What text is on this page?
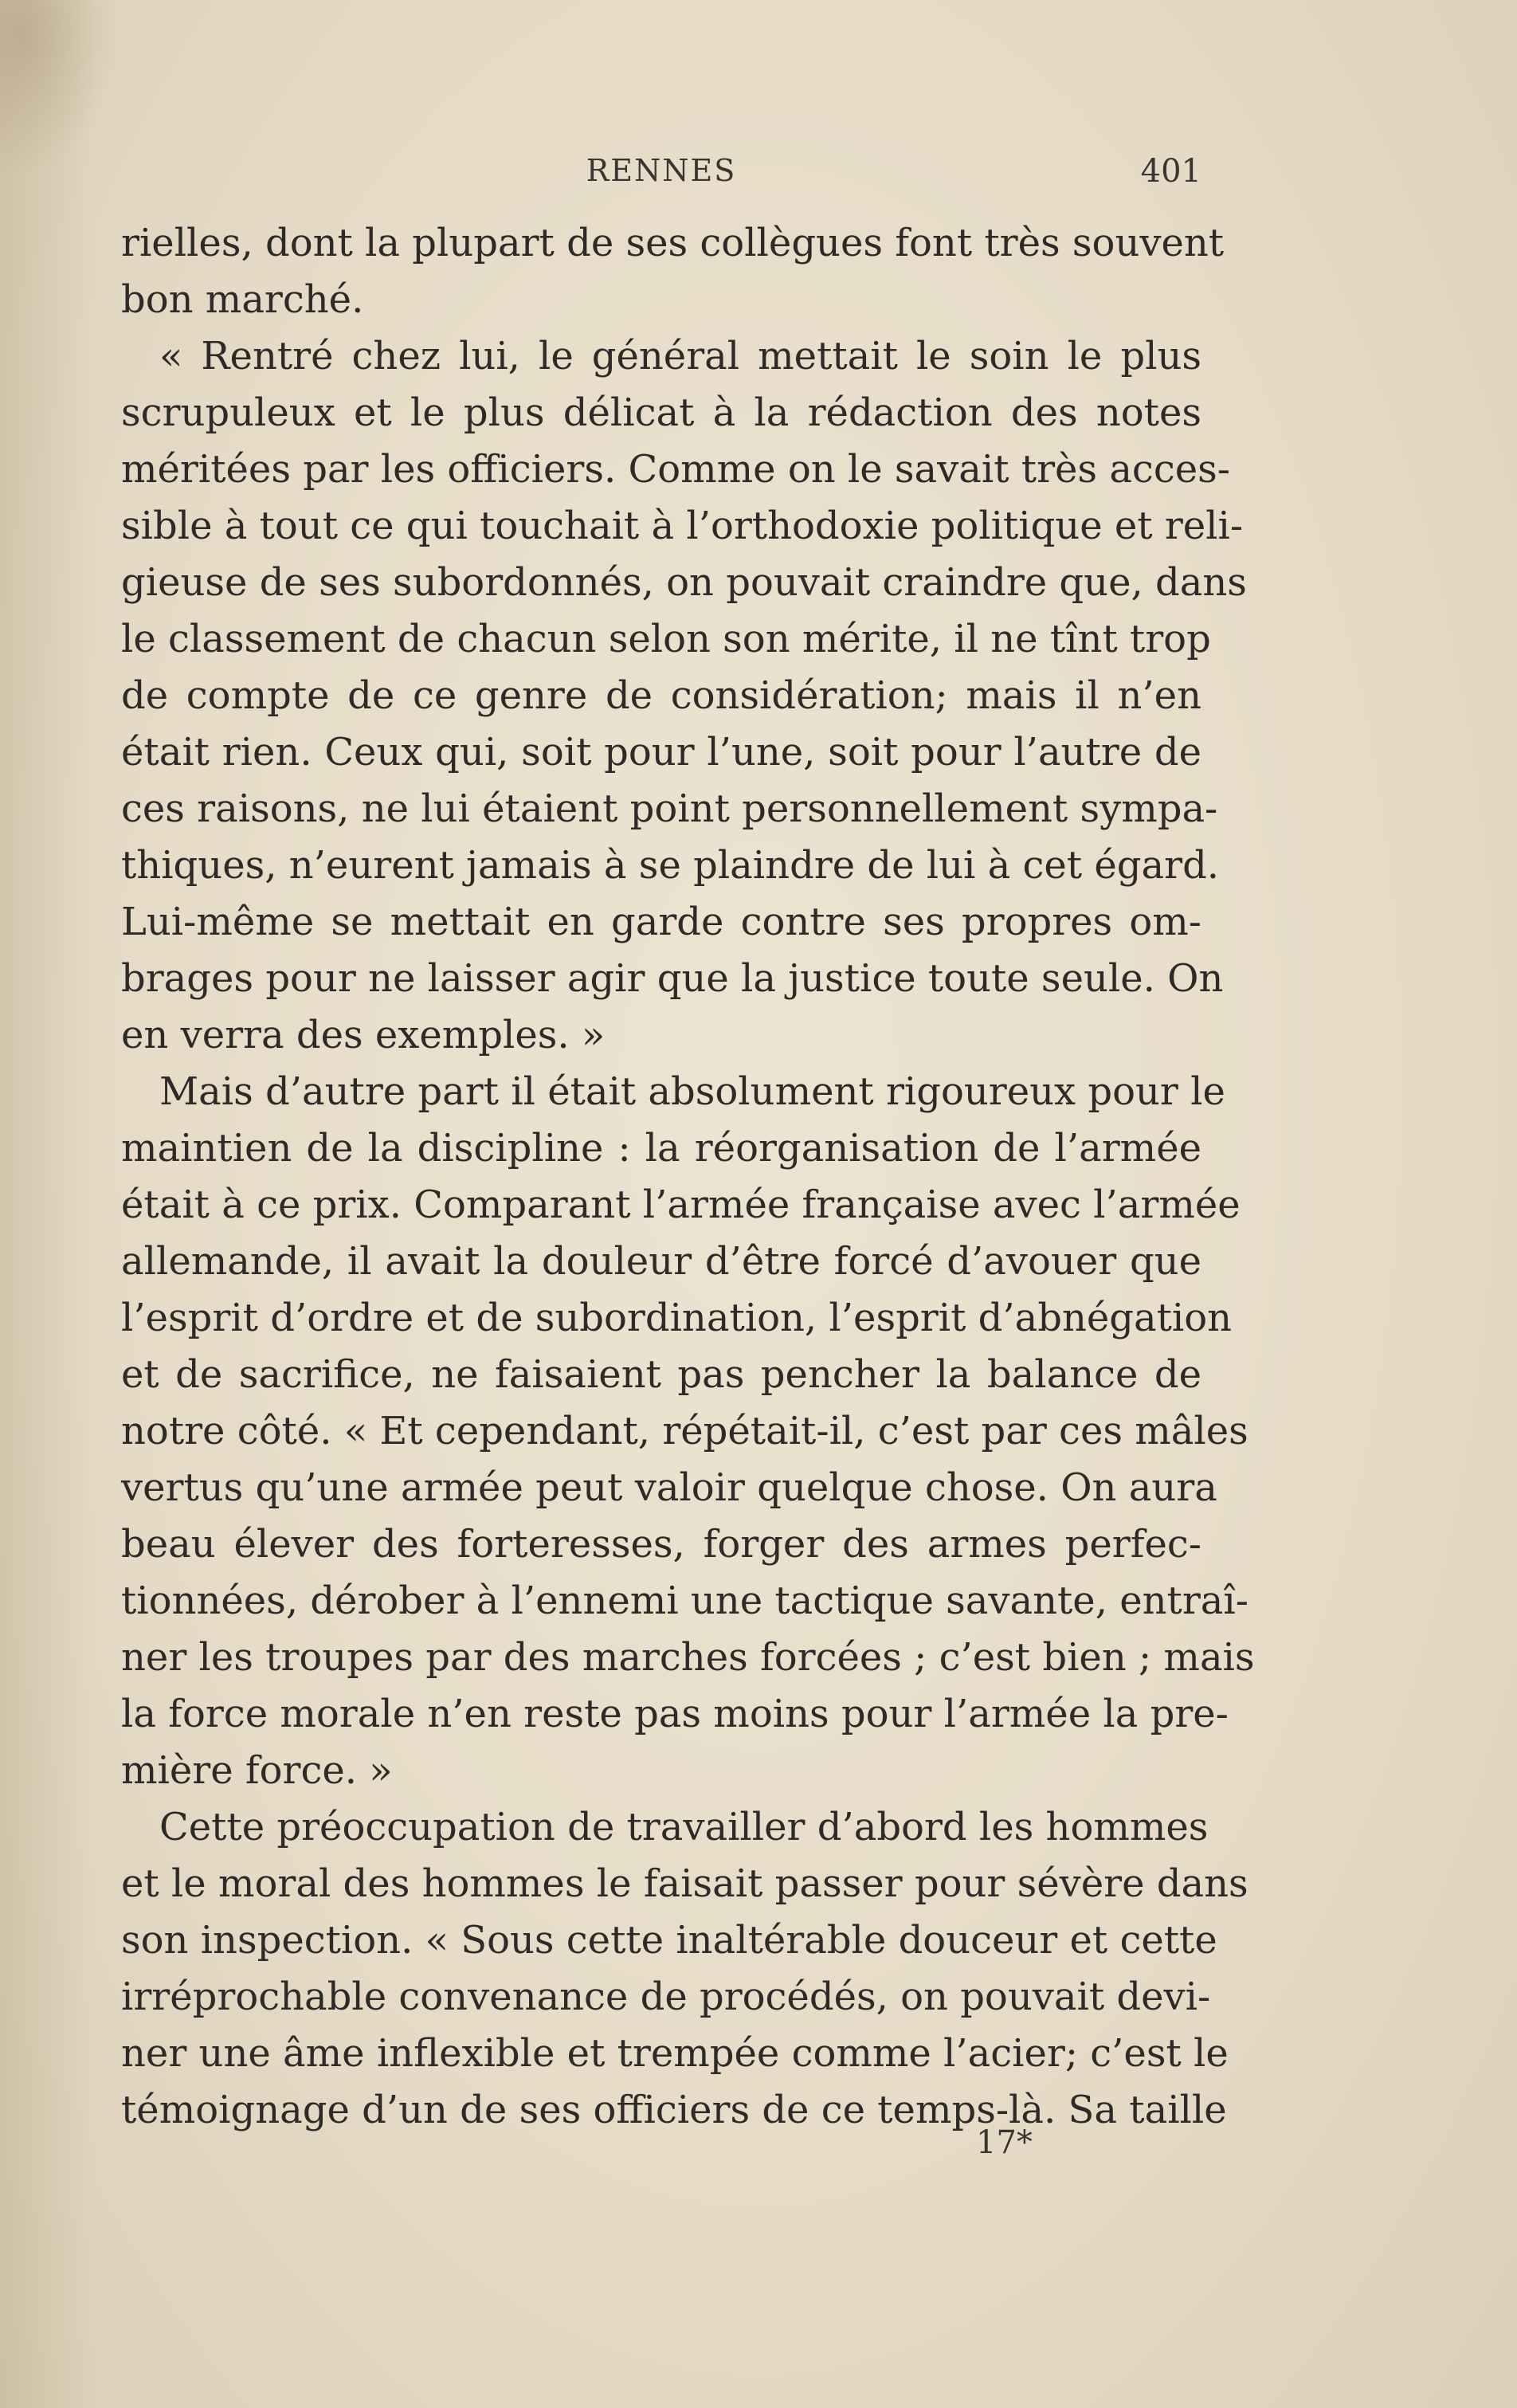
RENNES	401
rielles, dont la plupart de ses collègues font très souvent
bon marché.
« Rentré chez lui, le général mettait le soin le plus
scrupuleux et le plus délicat à la rédaction des notes
méritées par les officiers. Comme on le savait très acces-
sible à tout ce qui touchait à l’orthodoxie politique et reli-
gieuse de ses subordonnés, on pouvait craindre que, dans
le classement de chacun selon son mérite, il ne tînt trop
de compte de ce genre de considération; mais il n’en
était rien. Ceux qui, soit pour l’une, soit pour l’autre de
ces raisons, ne lui étaient point personnellement sympa-
thiques, n’eurent jamais à se plaindre de lui à cet égard.
Lui-même se mettait en garde contre ses propres om-
brages pour ne laisser agir que la justice toute seule. On
en verra des exemples. »
Mais d’autre part il était absolument rigoureux pour le
maintien de la discipline : la réorganisation de l’armée
était à ce prix. Comparant l’armée française avec l’armée
allemande, il avait la douleur d’être forcé d’avouer que
l’esprit d’ordre et de subordination, l’esprit d’abnégation
et de sacrifice, ne faisaient pas pencher la balance de
notre côté. « Et cependant, répétait-il, c’est par ces mâles
vertus qu’une armée peut valoir quelque chose. On aura
beau élever des forteresses, forger des armes perfec-
tionnées, dérober à l’ennemi une tactique savante, entraî-
ner les troupes par des marches forcées ; c’est bien ; mais
la force morale n’en reste pas moins pour l’armée la pre-
mière force. »
Cette préoccupation de travailler d’abord les hommes
et le moral des hommes le faisait passer pour sévère dans
son inspection. « Sous cette inaltérable douceur et cette
irréprochable convenance de procédés, on pouvait devi-
ner une âme inflexible et trempée comme l’acier; c’est le
témoignage d’un de ses officiers de ce temps-là. Sa taille
17*
